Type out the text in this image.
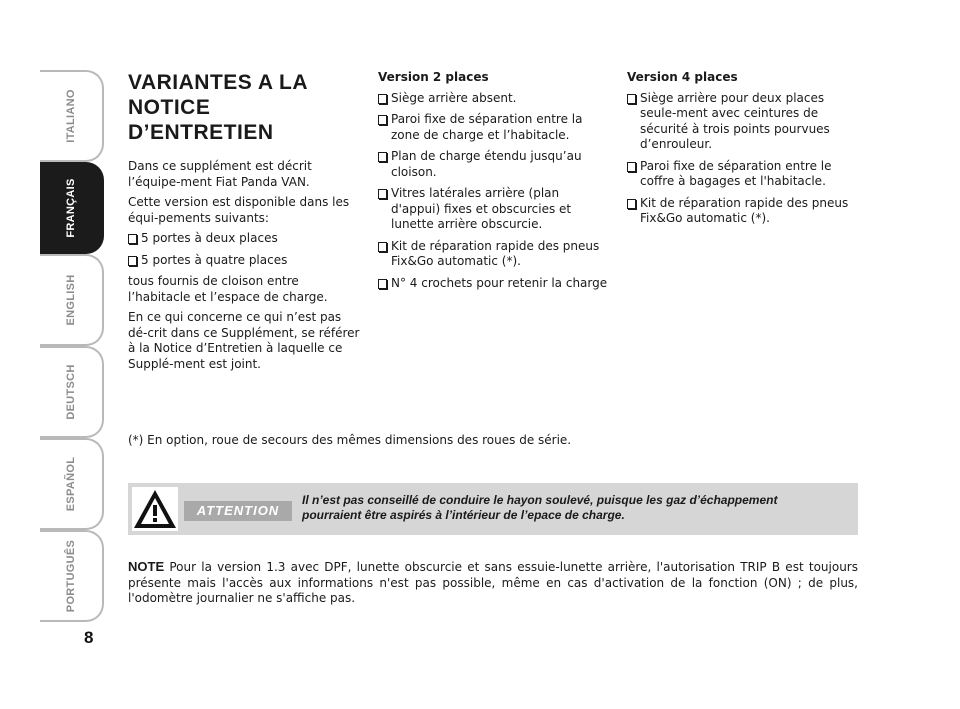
ITALIANO
FRANÇAIS
ENGLISH
DEUTSCH
ESPAÑOL
PORTUGUÊS
8
VARIANTES A LA
NOTICE D’ENTRETIEN

Dans ce supplément est décrit l’équipe-ment Fiat Panda VAN.

Cette version est disponible dans les équi-pements suivants:

5 portes à deux places
5 portes à quatre places

tous fournis de cloison entre l’habitacle et l’espace de charge.

En ce qui concerne ce qui n’est pas dé-crit dans ce Supplément, se référer à la Notice d’Entretien à laquelle ce Supplé-ment est joint.

Version 2 places

Siège arrière absent.
Paroi fixe de séparation entre la zone de charge et l’habitacle.
Plan de charge étendu jusqu’au cloison.
Vitres latérales arrière (plan d'appui) fixes et obscurcies et lunette arrière obscurcie.
Kit de réparation rapide des pneus Fix&Go automatic (*).
N° 4 crochets pour retenir la charge

Version 4 places

Siège arrière pour deux places seule-ment avec ceintures de sécurité à trois points pourvues d’enrouleur.
Paroi fixe de séparation entre le coffre à bagages et l'habitacle.
Kit de réparation rapide des pneus Fix&Go automatic (*).
(*) En option, roue de secours des mêmes dimensions des roues de série.
ATTENTION
Il n’est pas conseillé de conduire le hayon soulevé, puisque les gaz d’échappement
pourraient être aspirés à l’intérieur de l’epace de charge.
NOTE Pour la version 1.3 avec DPF, lunette obscurcie et sans essuie-lunette arrière, l'autorisation TRIP B est toujours présente mais l'accès aux informations n'est pas possible, même en cas d'activation de la fonction (ON) ; de plus, l'odomètre journalier ne s'affiche pas.
